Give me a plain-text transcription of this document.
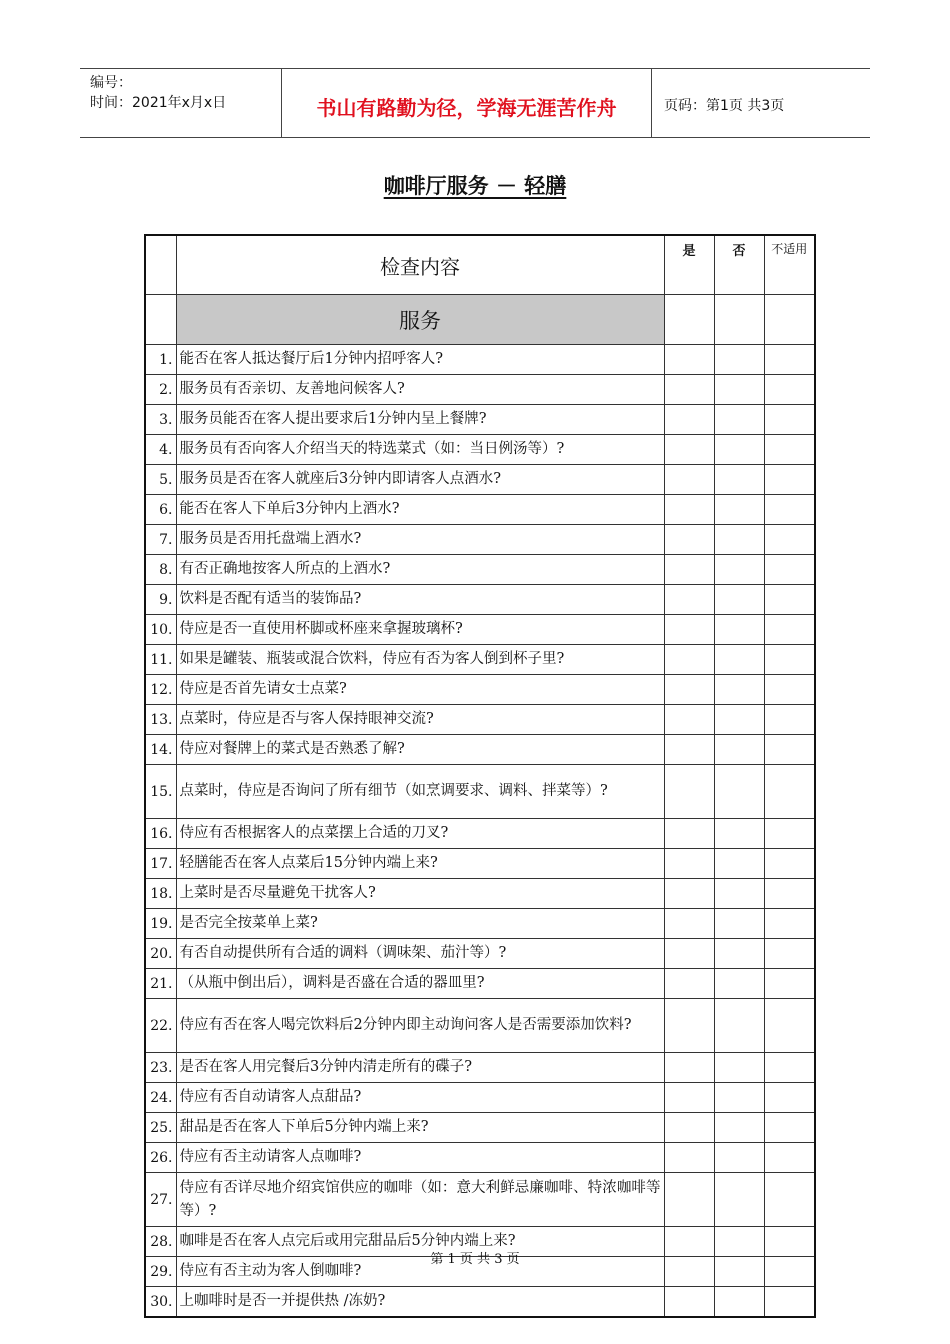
编号：
时间：2021年x月x日	书山有路勤为径，学海无涯苦作舟	页码：第1页 共3页
咖啡厅服务 － 轻膳
	检查内容	是	否	不适用
	服务			
1.	能否在客人抵达餐厅后1分钟内招呼客人?			
2.	服务员有否亲切、友善地问候客人?			
3.	服务员能否在客人提出要求后1分钟内呈上餐牌?			
4.	服务员有否向客人介绍当天的特选菜式（如：当日例汤等）?			
5.	服务员是否在客人就座后3分钟内即请客人点酒水?			
6.	能否在客人下单后3分钟内上酒水?			
7.	服务员是否用托盘端上酒水?			
8.	有否正确地按客人所点的上酒水?			
9.	饮料是否配有适当的装饰品?			
10.	侍应是否一直使用杯脚或杯座来拿握玻璃杯?			
11.	如果是罐装、瓶装或混合饮料，侍应有否为客人倒到杯子里?			
12.	侍应是否首先请女士点菜?			
13.	点菜时，侍应是否与客人保持眼神交流?			
14.	侍应对餐牌上的菜式是否熟悉了解?			
15.	点菜时，侍应是否询问了所有细节（如烹调要求、调料、拌菜等）?			
16.	侍应有否根据客人的点菜摆上合适的刀叉?			
17.	轻膳能否在客人点菜后15分钟内端上来?			
18.	上菜时是否尽量避免干扰客人?			
19.	是否完全按菜单上菜?			
20.	有否自动提供所有合适的调料（调味架、茄汁等）?			
21.	（从瓶中倒出后），调料是否盛在合适的器皿里?			
22.	侍应有否在客人喝完饮料后2分钟内即主动询问客人是否需要添加饮料?			
23.	是否在客人用完餐后3分钟内清走所有的碟子?			
24.	侍应有否自动请客人点甜品?			
25.	甜品是否在客人下单后5分钟内端上来?			
26.	侍应有否主动请客人点咖啡?			
27.	侍应有否详尽地介绍宾馆供应的咖啡（如：意大利鲜忌廉咖啡、特浓咖啡等等）?			
28.	咖啡是否在客人点完后或用完甜品后5分钟内端上来?			
29.	侍应有否主动为客人倒咖啡?			
30.	上咖啡时是否一并提供热 /冻奶?			
第 1 页 共 3 页
